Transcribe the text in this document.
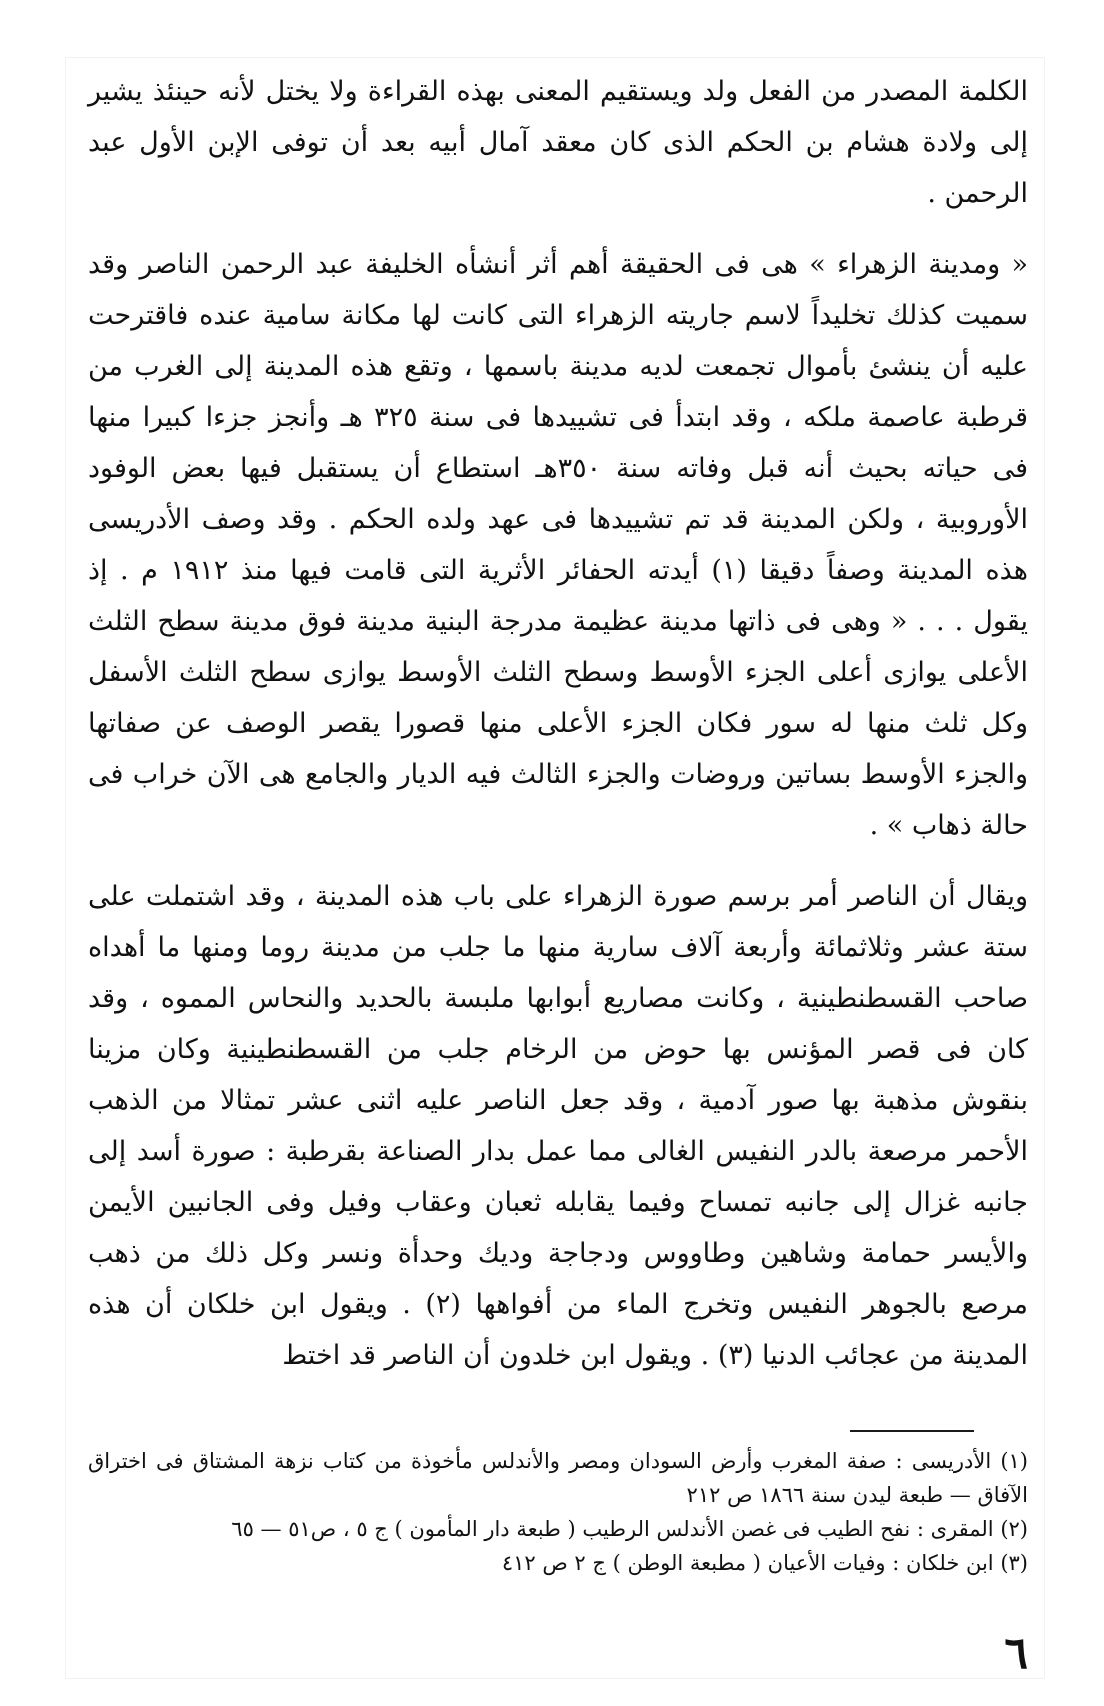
الكلمة المصدر من الفعل ولد ويستقيم المعنى بهذه القراءة ولا يختل لأنه حينئذ يشير إلى ولادة هشام بن الحكم الذى كان معقد آمال أبيه بعد أن توفى الإبن الأول عبد الرحمن .

« ومدينة الزهراء » هى فى الحقيقة أهم أثر أنشأه الخليفة عبد الرحمن الناصر وقد سميت كذلك تخليداً لاسم جاريته الزهراء التى كانت لها مكانة سامية عنده فاقترحت عليه أن ينشئ بأموال تجمعت لديه مدينة باسمها ، وتقع هذه المدينة إلى الغرب من قرطبة عاصمة ملكه ، وقد ابتدأ فى تشييدها فى سنة ٣٢٥ هـ وأنجز جزءا كبيرا منها فى حياته بحيث أنه قبل وفاته سنة ٣٥٠هـ استطاع أن يستقبل فيها بعض الوفود الأوروبية ، ولكن المدينة قد تم تشييدها فى عهد ولده الحكم . وقد وصف الأدريسى هذه المدينة وصفاً دقيقا (١) أيدته الحفائر الأثرية التى قامت فيها منذ ١٩١٢ م . إذ يقول . . . « وهى فى ذاتها مدينة عظيمة مدرجة البنية مدينة فوق مدينة سطح الثلث الأعلى يوازى أعلى الجزء الأوسط وسطح الثلث الأوسط يوازى سطح الثلث الأسفل وكل ثلث منها له سور فكان الجزء الأعلى منها قصورا يقصر الوصف عن صفاتها والجزء الأوسط بساتين وروضات والجزء الثالث فيه الديار والجامع هى الآن خراب فى حالة ذهاب » .

ويقال أن الناصر أمر برسم صورة الزهراء على باب هذه المدينة ، وقد اشتملت على ستة عشر وثلاثمائة وأربعة آلاف سارية منها ما جلب من مدينة روما ومنها ما أهداه صاحب القسطنطينية ، وكانت مصاريع أبوابها ملبسة بالحديد والنحاس المموه ، وقد كان فى قصر المؤنس بها حوض من الرخام جلب من القسطنطينية وكان مزينا بنقوش مذهبة بها صور آدمية ، وقد جعل الناصر عليه اثنى عشر تمثالا من الذهب الأحمر مرصعة بالدر النفيس الغالى مما عمل بدار الصناعة بقرطبة : صورة أسد إلى جانبه غزال إلى جانبه تمساح وفيما يقابله ثعبان وعقاب وفيل وفى الجانبين الأيمن والأيسر حمامة وشاهين وطاووس ودجاجة وديك وحدأة ونسر وكل ذلك من ذهب مرصع بالجوهر النفيس وتخرج الماء من أفواهها (٢) . ويقول ابن خلكان أن هذه المدينة من عجائب الدنيا (٣) . ويقول ابن خلدون أن الناصر قد اختط

(١) الأدريسى : صفة المغرب وأرض السودان ومصر والأندلس مأخوذة من كتاب نزهة المشتاق فى اختراق الآفاق — طبعة ليدن سنة ١٨٦٦ ص ٢١٢

(٢) المقرى : نفح الطيب فى غصن الأندلس الرطيب ( طبعة دار المأمون ) ج ٥ ، ص٥١ — ٦٥

(٣) ابن خلكان : وفيات الأعيان ( مطبعة الوطن ) ج ٢ ص ٤١٢

٦
